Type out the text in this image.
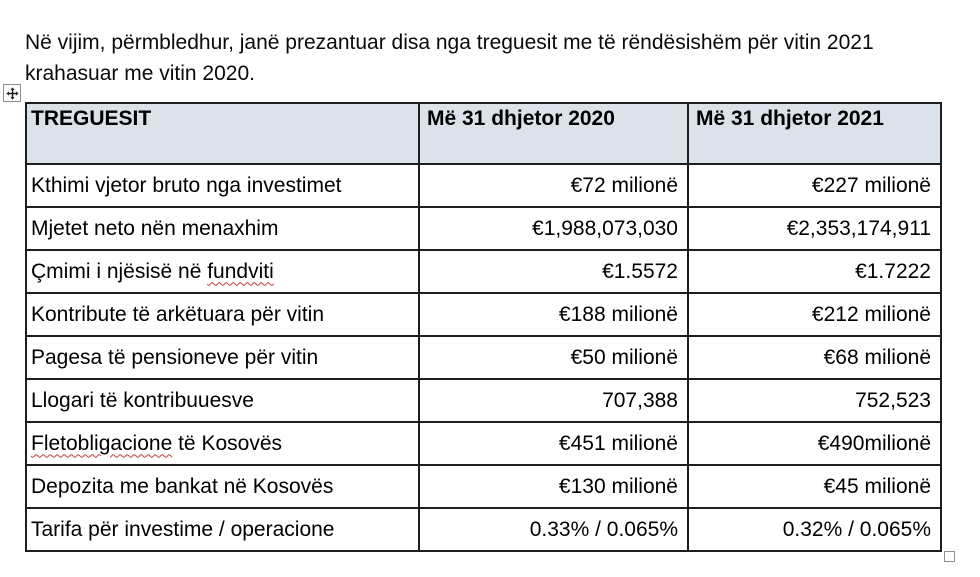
Në vijim, përmbledhur, janë prezantuar disa nga treguesit me të rëndësishëm për vitin 2021 krahasuar me vitin 2020.

TREGUESIT	Më 31 dhjetor 2020	Më 31 dhjetor 2021
Kthimi vjetor bruto nga investimet	€72 milionë	€227 milionë
Mjetet neto nën menaxhim	€1,988,073,030	€2,353,174,911
Çmimi i njësisë në fundviti	€1.5572	€1.7222
Kontribute të arkëtuara për vitin	€188 milionë	€212 milionë
Pagesa të pensioneve për vitin	€50 milionë	€68 milionë
Llogari të kontribuuesve	707,388	752,523
Fletobligacione të Kosovës	€451 milionë	€490milionë
Depozita me bankat në Kosovës	€130 milionë	€45 milionë
Tarifa për investime / operacione	0.33% / 0.065%	0.32% / 0.065%
